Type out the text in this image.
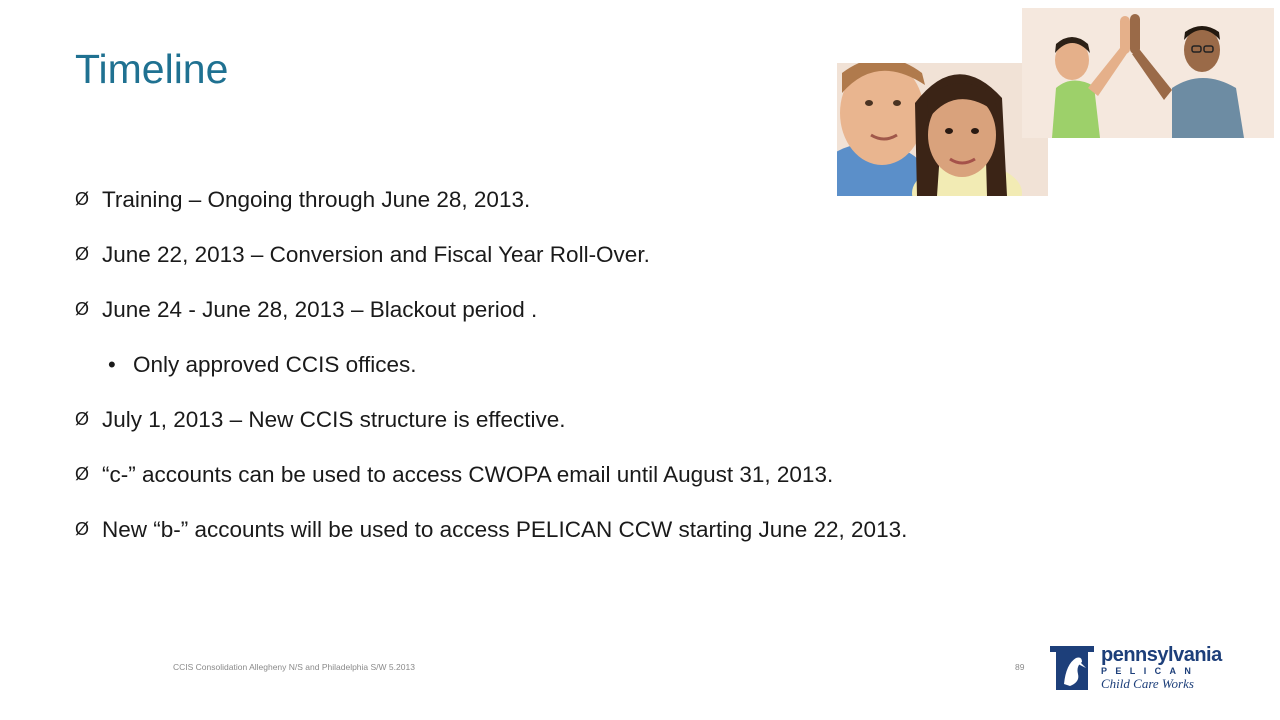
Timeline
Ø Training – Ongoing through June 28, 2013.
Ø June 22, 2013 – Conversion and Fiscal Year Roll-Over.
Ø June 24 - June 28, 2013 – Blackout period .
• Only approved CCIS offices.
Ø July 1, 2013 – New CCIS structure is effective.
Ø “c-” accounts can be used to access CWOPA email until August 31, 2013.
Ø New “b-” accounts will be used to access PELICAN CCW starting June 22, 2013.
CCIS Consolidation Allegheny N/S and Philadelphia S/W 5.2013	89
pennsylvania
PELICAN
Child Care Works
